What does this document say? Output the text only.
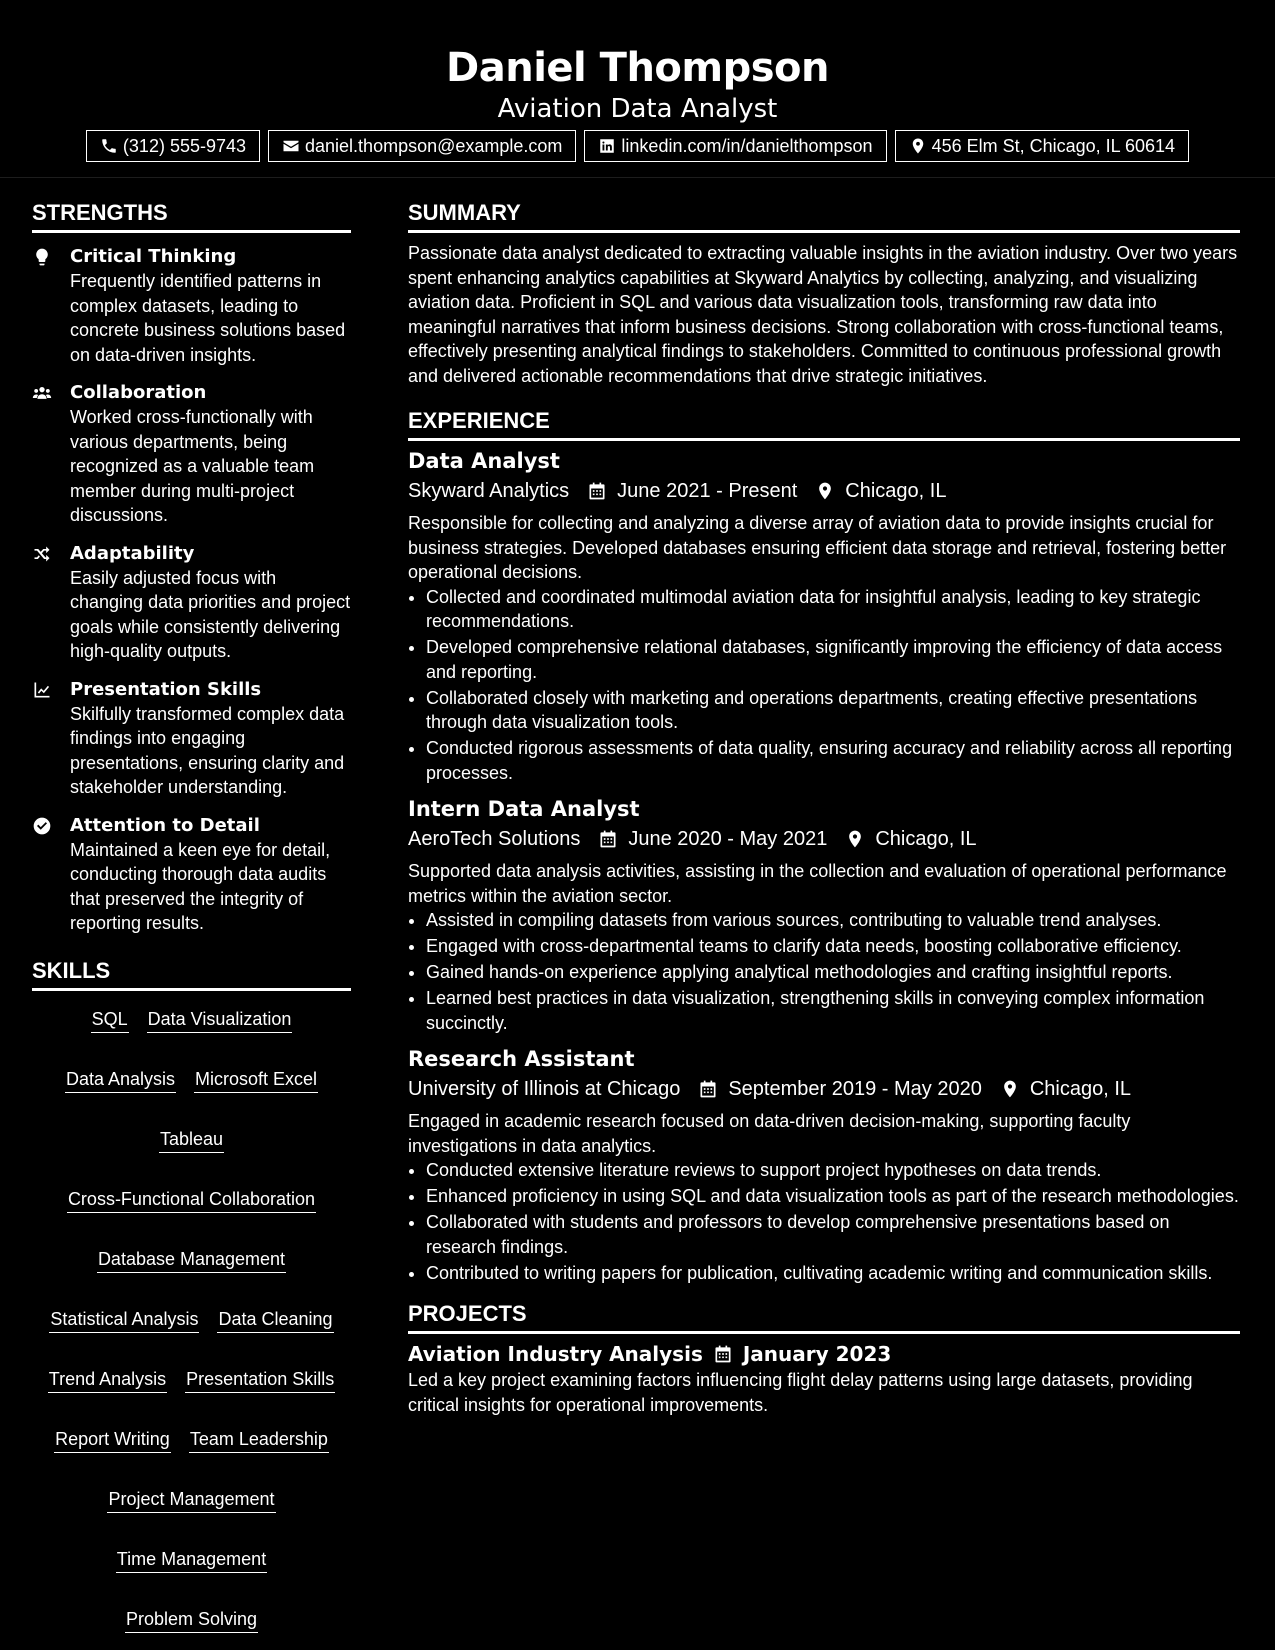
Daniel Thompson
Aviation Data Analyst
(312) 555-9743	daniel.thompson@example.com	linkedin.com/in/danielthompson	456 Elm St, Chicago, IL 60614
STRENGTHS
Critical Thinking
Frequently identified patterns in complex datasets, leading to concrete business solutions based on data-driven insights.
Collaboration
Worked cross-functionally with various departments, being recognized as a valuable team member during multi-project discussions.
Adaptability
Easily adjusted focus with changing data priorities and project goals while consistently delivering high-quality outputs.
Presentation Skills
Skilfully transformed complex data findings into engaging presentations, ensuring clarity and stakeholder understanding.
Attention to Detail
Maintained a keen eye for detail, conducting thorough data audits that preserved the integrity of reporting results.
SKILLS
SQL Data Visualization
Data Analysis Microsoft Excel
Tableau
Cross-Functional Collaboration
Database Management
Statistical Analysis Data Cleaning
Trend Analysis Presentation Skills
Report Writing Team Leadership
Project Management
Time Management
Problem Solving
SUMMARY
Passionate data analyst dedicated to extracting valuable insights in the aviation industry. Over two years spent enhancing analytics capabilities at Skyward Analytics by collecting, analyzing, and visualizing aviation data. Proficient in SQL and various data visualization tools, transforming raw data into meaningful narratives that inform business decisions. Strong collaboration with cross-functional teams, effectively presenting analytical findings to stakeholders. Committed to continuous professional growth and delivered actionable recommendations that drive strategic initiatives.
EXPERIENCE
Data Analyst
Skyward Analytics June 2021 - Present Chicago, IL
Responsible for collecting and analyzing a diverse array of aviation data to provide insights crucial for business strategies. Developed databases ensuring efficient data storage and retrieval, fostering better operational decisions.
• Collected and coordinated multimodal aviation data for insightful analysis, leading to key strategic recommendations.
• Developed comprehensive relational databases, significantly improving the efficiency of data access and reporting.
• Collaborated closely with marketing and operations departments, creating effective presentations through data visualization tools.
• Conducted rigorous assessments of data quality, ensuring accuracy and reliability across all reporting processes.
Intern Data Analyst
AeroTech Solutions June 2020 - May 2021 Chicago, IL
Supported data analysis activities, assisting in the collection and evaluation of operational performance metrics within the aviation sector.
• Assisted in compiling datasets from various sources, contributing to valuable trend analyses.
• Engaged with cross-departmental teams to clarify data needs, boosting collaborative efficiency.
• Gained hands-on experience applying analytical methodologies and crafting insightful reports.
• Learned best practices in data visualization, strengthening skills in conveying complex information succinctly.
Research Assistant
University of Illinois at Chicago September 2019 - May 2020 Chicago, IL
Engaged in academic research focused on data-driven decision-making, supporting faculty investigations in data analytics.
• Conducted extensive literature reviews to support project hypotheses on data trends.
• Enhanced proficiency in using SQL and data visualization tools as part of the research methodologies.
• Collaborated with students and professors to develop comprehensive presentations based on research findings.
• Contributed to writing papers for publication, cultivating academic writing and communication skills.
PROJECTS
Aviation Industry Analysis January 2023
Led a key project examining factors influencing flight delay patterns using large datasets, providing critical insights for operational improvements.
